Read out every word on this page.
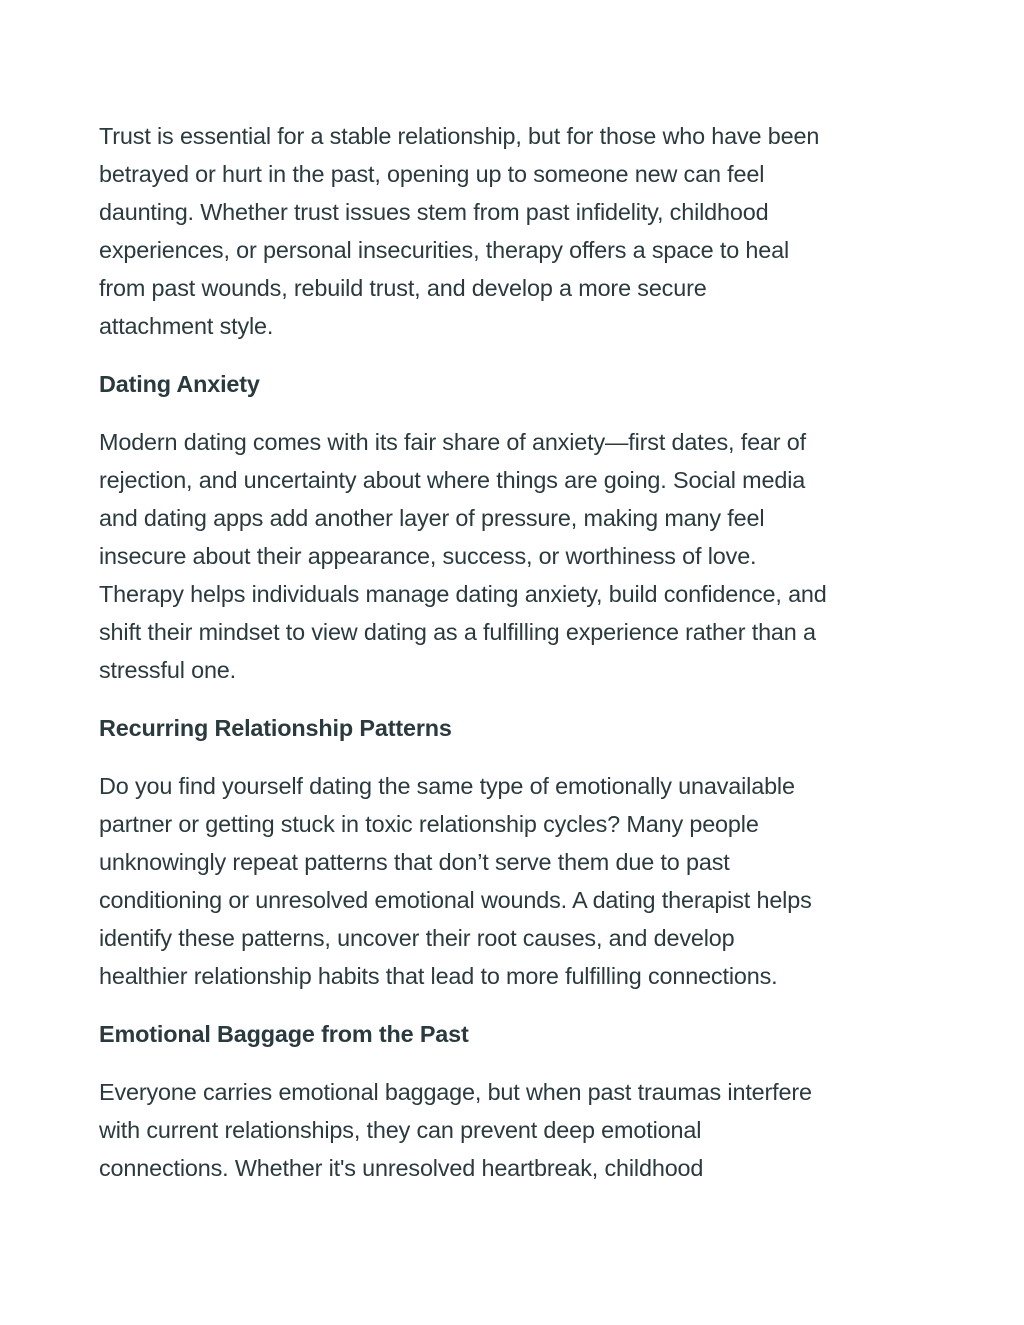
Trust is essential for a stable relationship, but for those who have been
betrayed or hurt in the past, opening up to someone new can feel
daunting. Whether trust issues stem from past infidelity, childhood
experiences, or personal insecurities, therapy offers a space to heal
from past wounds, rebuild trust, and develop a more secure
attachment style.

Dating Anxiety

Modern dating comes with its fair share of anxiety—first dates, fear of
rejection, and uncertainty about where things are going. Social media
and dating apps add another layer of pressure, making many feel
insecure about their appearance, success, or worthiness of love.
Therapy helps individuals manage dating anxiety, build confidence, and
shift their mindset to view dating as a fulfilling experience rather than a
stressful one.

Recurring Relationship Patterns

Do you find yourself dating the same type of emotionally unavailable
partner or getting stuck in toxic relationship cycles? Many people
unknowingly repeat patterns that don’t serve them due to past
conditioning or unresolved emotional wounds. A dating therapist helps
identify these patterns, uncover their root causes, and develop
healthier relationship habits that lead to more fulfilling connections.

Emotional Baggage from the Past

Everyone carries emotional baggage, but when past traumas interfere
with current relationships, they can prevent deep emotional
connections. Whether it's unresolved heartbreak, childhood
